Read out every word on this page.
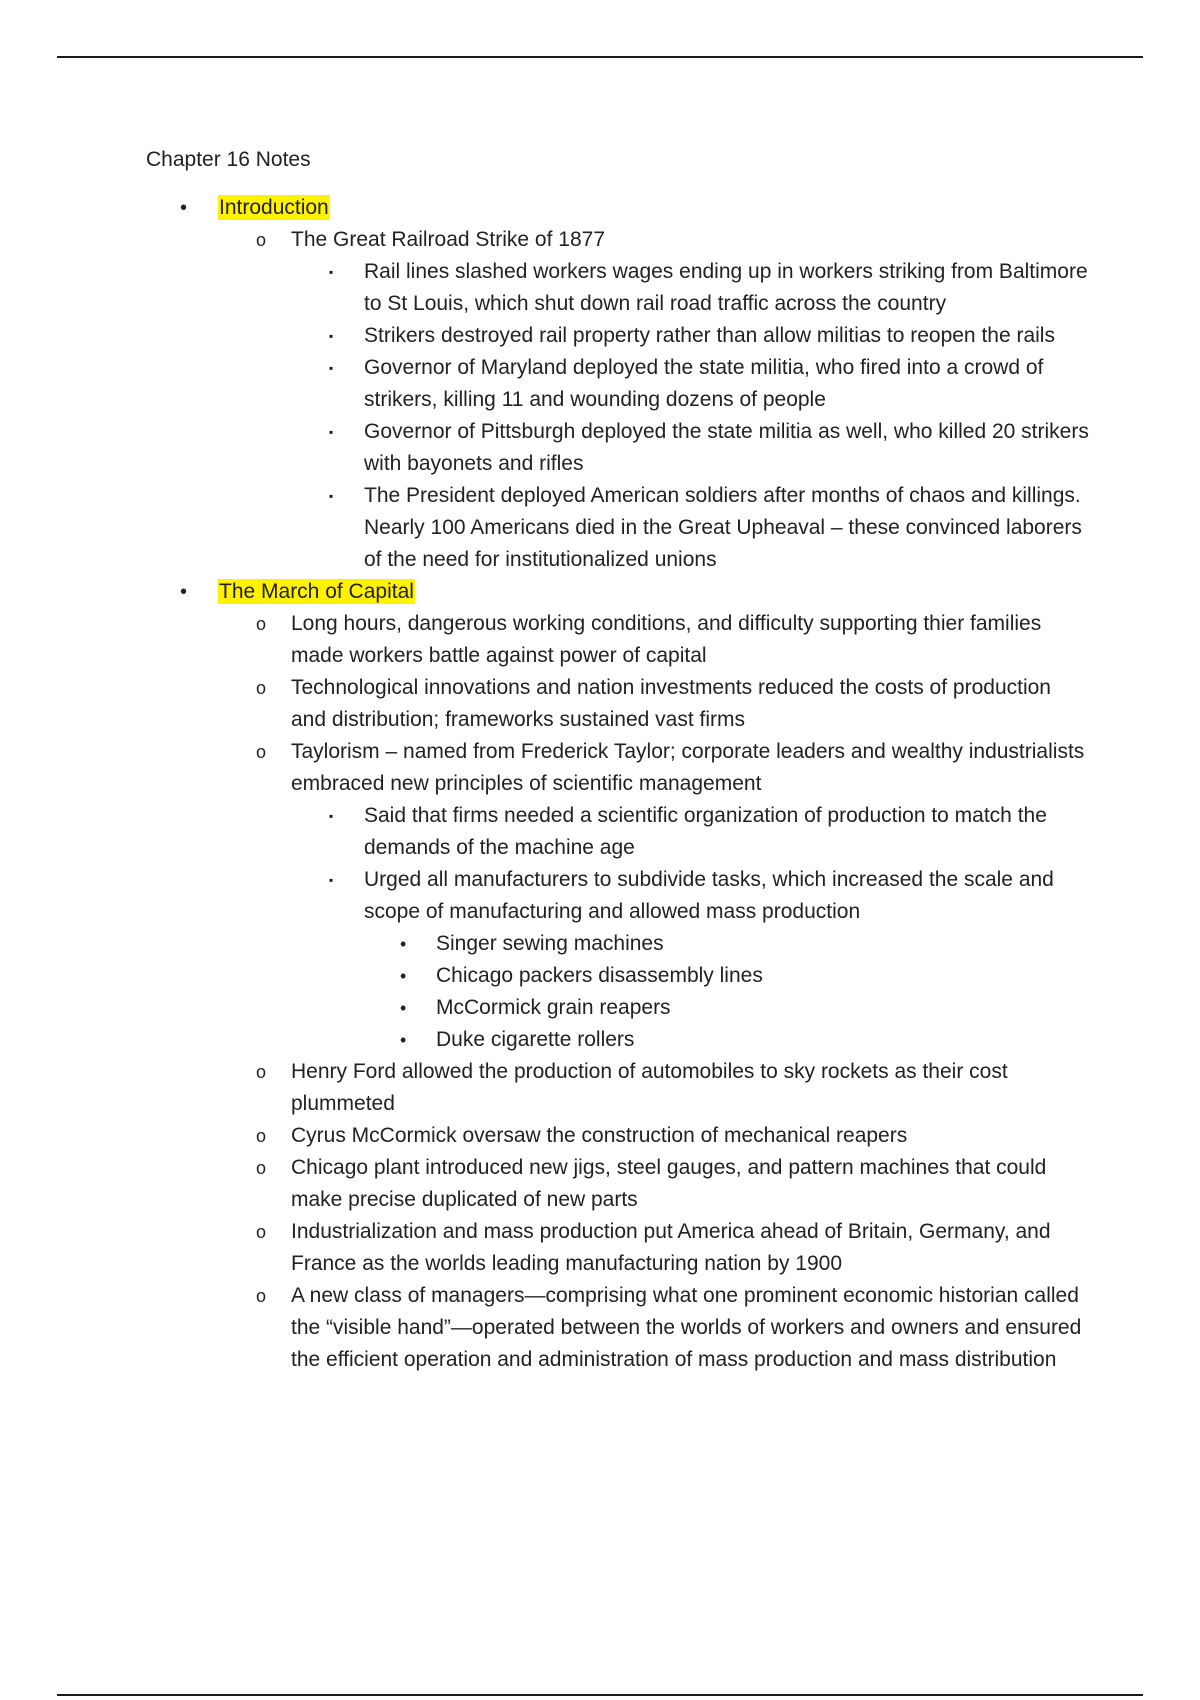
Chapter 16 Notes
• Introduction
o The Great Railroad Strike of 1877
▪ Rail lines slashed workers wages ending up in workers striking from Baltimore to St Louis, which shut down rail road traffic across the country
▪ Strikers destroyed rail property rather than allow militias to reopen the rails
▪ Governor of Maryland deployed the state militia, who fired into a crowd of strikers, killing 11 and wounding dozens of people
▪ Governor of Pittsburgh deployed the state militia as well, who killed 20 strikers with bayonets and rifles
▪ The President deployed American soldiers after months of chaos and killings. Nearly 100 Americans died in the Great Upheaval – these convinced laborers of the need for institutionalized unions
• The March of Capital
o Long hours, dangerous working conditions, and difficulty supporting thier families made workers battle against power of capital
o Technological innovations and nation investments reduced the costs of production and distribution; frameworks sustained vast firms
o Taylorism – named from Frederick Taylor; corporate leaders and wealthy industrialists embraced new principles of scientific management
▪ Said that firms needed a scientific organization of production to match the demands of the machine age
▪ Urged all manufacturers to subdivide tasks, which increased the scale and scope of manufacturing and allowed mass production
• Singer sewing machines
• Chicago packers disassembly lines
• McCormick grain reapers
• Duke cigarette rollers
o Henry Ford allowed the production of automobiles to sky rockets as their cost plummeted
o Cyrus McCormick oversaw the construction of mechanical reapers
o Chicago plant introduced new jigs, steel gauges, and pattern machines that could make precise duplicated of new parts
o Industrialization and mass production put America ahead of Britain, Germany, and France as the worlds leading manufacturing nation by 1900
o A new class of managers—comprising what one prominent economic historian called the “visible hand”—operated between the worlds of workers and owners and ensured the efficient operation and administration of mass production and mass distribution
